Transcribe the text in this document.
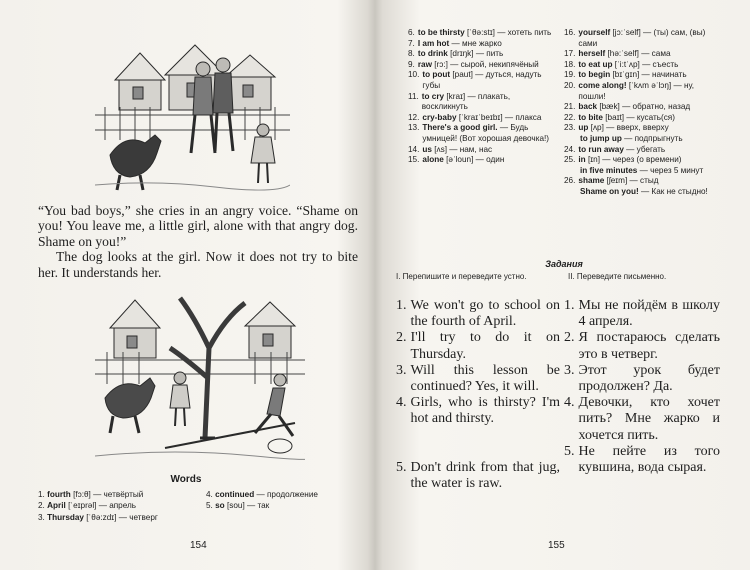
“You bad boys,” she cries in an angry voice. “Shame on you! You leave me, a little girl, alone with that angry dog. Shame on you!”

The dog looks at the girl. Now it does not try to bite her. It understands her.

Words
1. fourth [fɔ:θ] — четвёртый
2. April [ˈeɪprəl] — апрель
3. Thursday [ˈθə:zdɪ] — четверг
4. continued — продолжение
5. so [sou] — так
154
6. to be thirsty [ˈθə:stɪ] — хотеть пить
7. I am hot — мне жарко
8. to drink [drɪŋk] — пить
9. raw [rɔ:] — сырой, некипячёный
10. to pout [paut] — дуться, надуть губы
11. to cry [kraɪ] — плакать, воскликнуть
12. cry-baby [ˈkraɪˈbeɪbɪ] — плакса
13. There's a good girl. — Будь умницей! (Вот хорошая девочка!)
14. us [ʌs] — нам, нас
15. alone [əˈloun] — один
16. yourself [jɔ:ˈself] — (ты) сам, (вы) сами
17. herself [hə:ˈself] — сама
18. to eat up [ˈi:tˈʌp] — съесть
19. to begin [bɪˈgɪn] — начинать
20. come along! [ˈkʌm əˈlɔŋ] — ну, пошли!
21. back [bæk] — обратно, назад
22. to bite [baɪt] — кусать(ся)
23. up [ʌp] — вверх, вверху
to jump up — подпрыгнуть
24. to run away — убегать
25. in [ɪn] — через (о времени)
in five minutes — через 5 минут
26. shame [ʃeɪm] — стыд
Shame on you! — Как не стыдно!
Задания
I. Перепишите и переведите устно.	II. Переведите письменно.
1. We won't go to school on the fourth of April.
2. I'll try to do it on Thursday.
3. Will this lesson be continued? Yes, it will.
4. Girls, who is thirsty? I'm hot and thirsty.
5. Don't drink from that jug, the water is raw.
1. Мы не пойдём в школу 4 апреля.
2. Я постараюсь сделать это в четверг.
3. Этот урок будет продолжен? Да.
4. Девочки, кто хочет пить? Мне жарко и хочется пить.
5. Не пейте из того кувшина, вода сырая.
155
